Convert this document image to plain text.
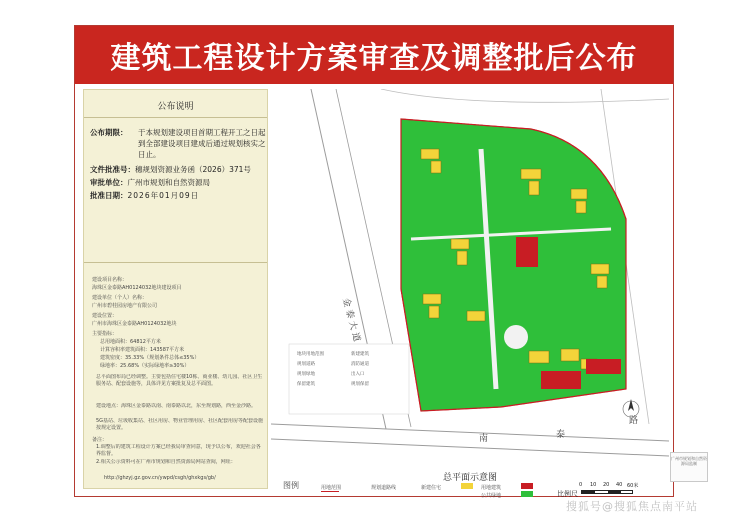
建筑工程设计方案审查及调整批后公布
公布说明
公布期限： 于本规划建设项目首期工程开工之日起到全部建设项目建成后通过规划核实之日止。
文件批准号：穗规划资源业务函（2026）371号
审批单位：广州市规划和自然资源局
批准日期：2026年01月09日
建设项目名称：
海珠区金泰路AH0124032地块建设项目
建设单位（个人）名称：
广州市碧桂园房地产有限公司
建设位置：
广州市海珠区金泰路AH0124032地块
主要指标：
总用地面积：64812平方米
计算容积率建筑面积：143587平方米
建筑密度：35.33%（规划条件总体≤35%）
绿地率：25.68%（实际绿地率≥30%）
总平面图布局已经调整。主要包括住宅楼10栋、商业楼、幼儿园、社区卫生服务站、配套设施等，具体详见方案批复及总平面图。
建设地点：海珠区金泰路以南、南泰路以北，东至规划路，西至金沙路。
5G基站、垃圾收集站、社区用房、物业管理用房、社区配套用房等配套设施按规定设置。
备注：
1.调整后的建筑工程设计方案已经我局审查同意，现予以公布，欢迎社会各界监督。
2.相关公示资料可在广州市规划和自然资源局网站查阅，网址：
http://ghzyj.gz.gov.cn/ywpd/csgh/ghxkgs/gb/
金 泰 大 道
南	泰
路
地块用地范围
规划道路
规划绿地
保留建筑
新建建筑
消防通道
出入口
规划保留
总平面示意图
图例	用地范围	规划道路线	新建住宅	用地建筑
公共绿地	比例尺
0 10 20 40 60米
广州市规划和自然资源局监制
搜狐号@搜狐焦点南平站
